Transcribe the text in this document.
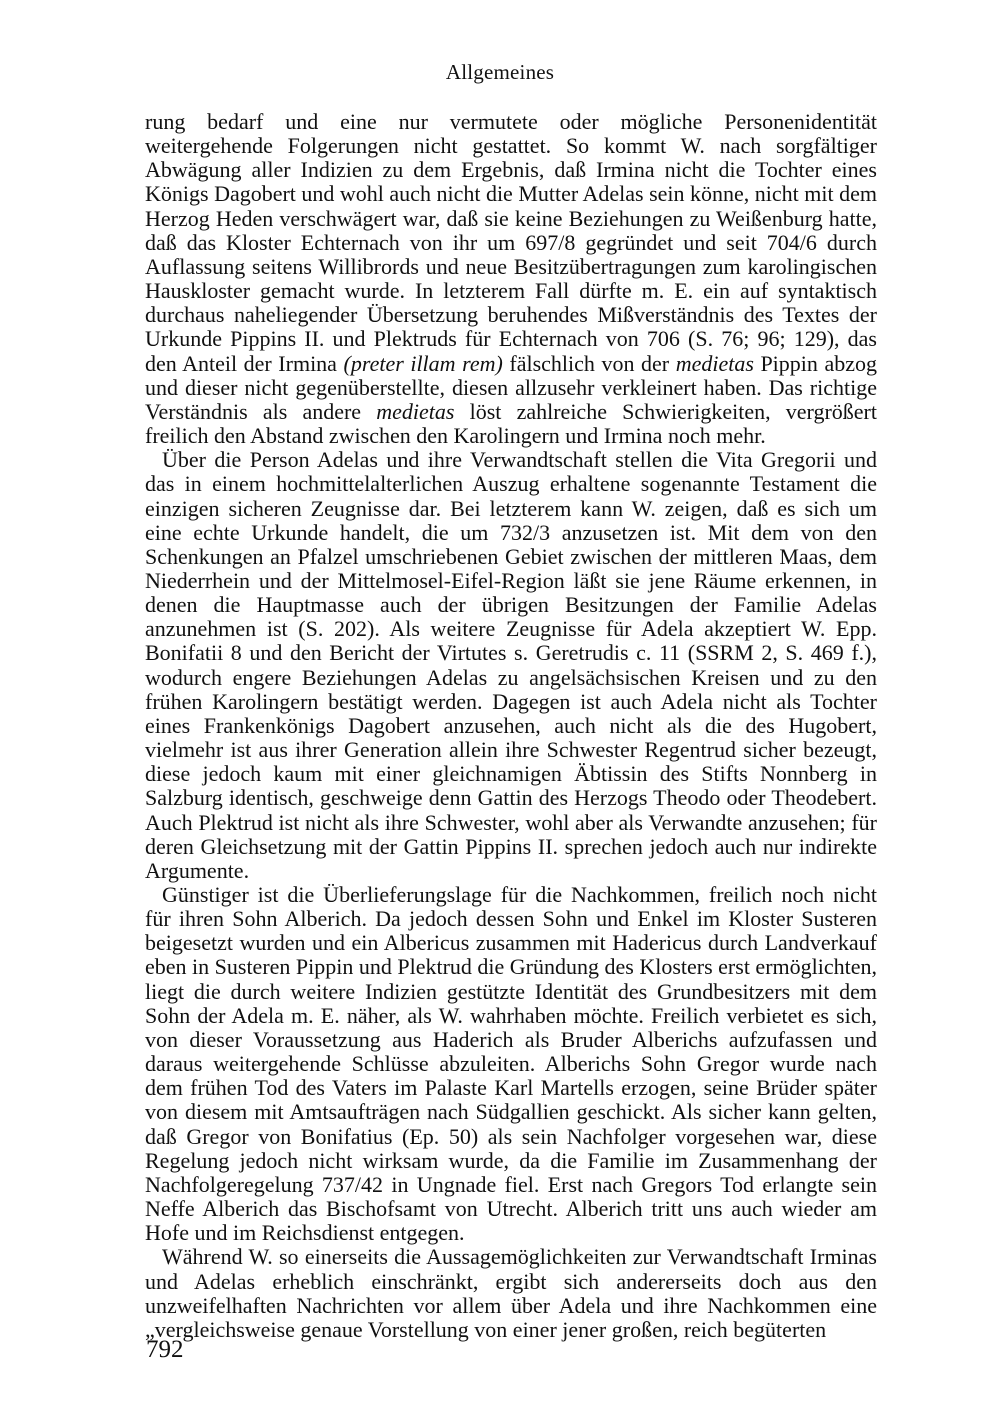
Allgemeines

rung bedarf und eine nur vermutete oder mögliche Personenidentität weitergehende Folgerungen nicht gestattet. So kommt W. nach sorgfältiger Abwägung aller Indizien zu dem Ergebnis, daß Irmina nicht die Tochter eines Königs Dagobert und wohl auch nicht die Mutter Adelas sein könne, nicht mit dem Herzog Heden verschwägert war, daß sie keine Beziehungen zu Weißenburg hatte, daß das Kloster Echternach von ihr um 697/8 gegründet und seit 704/6 durch Auflassung seitens Willibrords und neue Besitzübertragungen zum karolingischen Hauskloster gemacht wurde. In letzterem Fall dürfte m. E. ein auf syntaktisch durchaus naheliegender Übersetzung beruhendes Mißverständnis des Textes der Urkunde Pippins II. und Plektruds für Echternach von 706 (S. 76; 96; 129), das den Anteil der Irmina (preter illam rem) fälschlich von der medietas Pippin abzog und dieser nicht gegenüberstellte, diesen allzusehr verkleinert haben. Das richtige Verständnis als andere medietas löst zahlreiche Schwierigkeiten, vergrößert freilich den Abstand zwischen den Karolingern und Irmina noch mehr.

Über die Person Adelas und ihre Verwandtschaft stellen die Vita Gregorii und das in einem hochmittelalterlichen Auszug erhaltene sogenannte Testament die einzigen sicheren Zeugnisse dar. Bei letzterem kann W. zeigen, daß es sich um eine echte Urkunde handelt, die um 732/3 anzusetzen ist. Mit dem von den Schenkungen an Pfalzel umschriebenen Gebiet zwischen der mittleren Maas, dem Niederrhein und der Mittelmosel-Eifel-Region läßt sie jene Räume erkennen, in denen die Hauptmasse auch der übrigen Besitzungen der Familie Adelas anzunehmen ist (S. 202). Als weitere Zeugnisse für Adela akzeptiert W. Epp. Bonifatii 8 und den Bericht der Virtutes s. Geretrudis c. 11 (SSRM 2, S. 469 f.), wodurch engere Beziehungen Adelas zu angelsächsischen Kreisen und zu den frühen Karolingern bestätigt werden. Dagegen ist auch Adela nicht als Tochter eines Frankenkönigs Dagobert anzusehen, auch nicht als die des Hugobert, vielmehr ist aus ihrer Generation allein ihre Schwester Regentrud sicher bezeugt, diese jedoch kaum mit einer gleichnamigen Äbtissin des Stifts Nonnberg in Salzburg identisch, geschweige denn Gattin des Herzogs Theodo oder Theodebert. Auch Plektrud ist nicht als ihre Schwester, wohl aber als Verwandte anzusehen; für deren Gleichsetzung mit der Gattin Pippins II. sprechen jedoch auch nur indirekte Argumente.

Günstiger ist die Überlieferungslage für die Nachkommen, freilich noch nicht für ihren Sohn Alberich. Da jedoch dessen Sohn und Enkel im Kloster Susteren beigesetzt wurden und ein Albericus zusammen mit Hadericus durch Landverkauf eben in Susteren Pippin und Plektrud die Gründung des Klosters erst ermöglichten, liegt die durch weitere Indizien gestützte Identität des Grundbesitzers mit dem Sohn der Adela m. E. näher, als W. wahrhaben möchte. Freilich verbietet es sich, von dieser Voraussetzung aus Haderich als Bruder Alberichs aufzufassen und daraus weitergehende Schlüsse abzuleiten. Alberichs Sohn Gregor wurde nach dem frühen Tod des Vaters im Palaste Karl Martells erzogen, seine Brüder später von diesem mit Amtsaufträgen nach Südgallien geschickt. Als sicher kann gelten, daß Gregor von Bonifatius (Ep. 50) als sein Nachfolger vorgesehen war, diese Regelung jedoch nicht wirksam wurde, da die Familie im Zusammenhang der Nachfolgeregelung 737/42 in Ungnade fiel. Erst nach Gregors Tod erlangte sein Neffe Alberich das Bischofsamt von Utrecht. Alberich tritt uns auch wieder am Hofe und im Reichsdienst entgegen.

Während W. so einerseits die Aussagemöglichkeiten zur Verwandtschaft Irminas und Adelas erheblich einschränkt, ergibt sich andererseits doch aus den unzweifelhaften Nachrichten vor allem über Adela und ihre Nachkommen eine „vergleichsweise genaue Vorstellung von einer jener großen, reich begüterten

792
